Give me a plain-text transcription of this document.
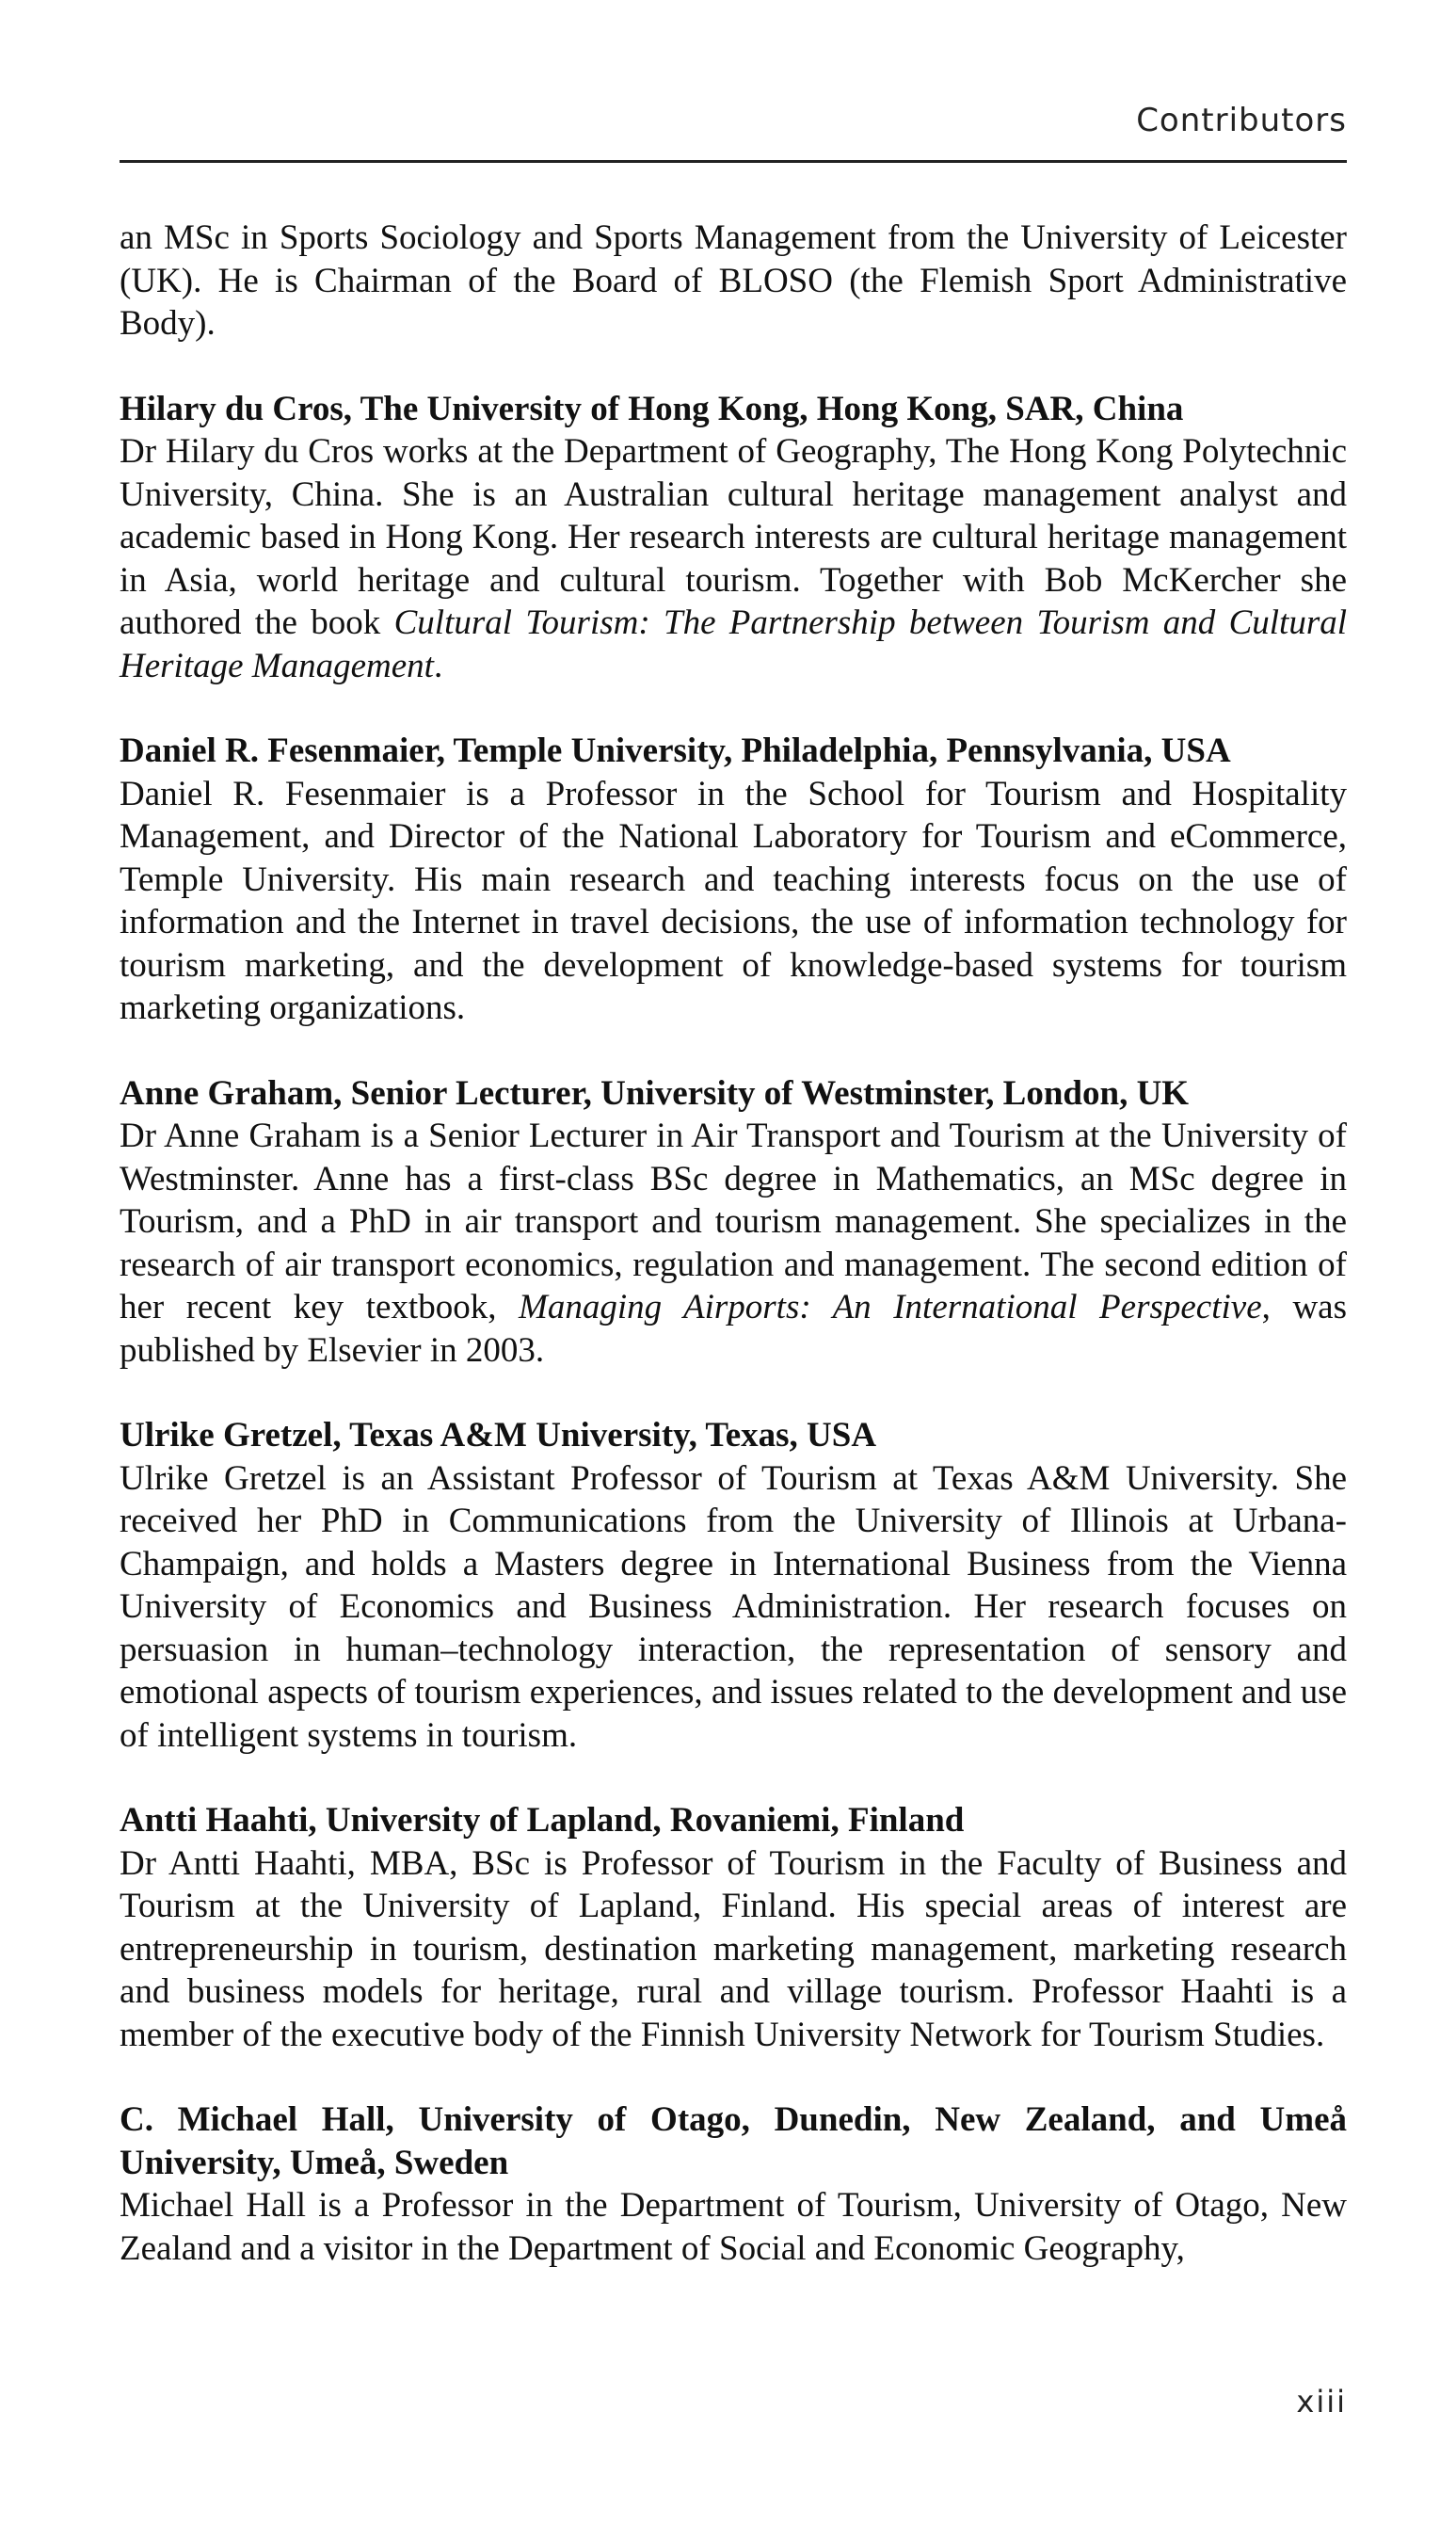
Contributors

an MSc in Sports Sociology and Sports Management from the University of Leicester (UK). He is Chairman of the Board of BLOSO (the Flemish Sport Administrative Body).

Hilary du Cros, The University of Hong Kong, Hong Kong, SAR, China

Dr Hilary du Cros works at the Department of Geography, The Hong Kong Polytechnic University, China. She is an Australian cultural heritage management analyst and academic based in Hong Kong. Her research interests are cultural heritage management in Asia, world heritage and cultural tourism. Together with Bob McKercher she authored the book Cultural Tourism: The Partnership between Tourism and Cultural Heritage Management.

Daniel R. Fesenmaier, Temple University, Philadelphia, Pennsylvania, USA

Daniel R. Fesenmaier is a Professor in the School for Tourism and Hospitality Management, and Director of the National Laboratory for Tourism and eCommerce, Temple University. His main research and teaching interests focus on the use of information and the Internet in travel decisions, the use of information technology for tourism marketing, and the development of knowledge-based systems for tourism marketing organizations.

Anne Graham, Senior Lecturer, University of Westminster, London, UK

Dr Anne Graham is a Senior Lecturer in Air Transport and Tourism at the University of Westminster. Anne has a first-class BSc degree in Mathematics, an MSc degree in Tourism, and a PhD in air transport and tourism management. She specializes in the research of air transport economics, regulation and management. The second edition of her recent key textbook, Managing Airports: An International Perspective, was published by Elsevier in 2003.

Ulrike Gretzel, Texas A&M University, Texas, USA

Ulrike Gretzel is an Assistant Professor of Tourism at Texas A&M University. She received her PhD in Communications from the University of Illinois at Urbana-Champaign, and holds a Masters degree in International Business from the Vienna University of Economics and Business Administration. Her research focuses on persuasion in human–technology interaction, the representation of sensory and emotional aspects of tourism experiences, and issues related to the development and use of intelligent systems in tourism.

Antti Haahti, University of Lapland, Rovaniemi, Finland

Dr Antti Haahti, MBA, BSc is Professor of Tourism in the Faculty of Business and Tourism at the University of Lapland, Finland. His special areas of interest are entrepreneurship in tourism, destination marketing management, marketing research and business models for heritage, rural and village tourism. Professor Haahti is a member of the executive body of the Finnish University Network for Tourism Studies.

C. Michael Hall, University of Otago, Dunedin, New Zealand, and Umeå University, Umeå, Sweden

Michael Hall is a Professor in the Department of Tourism, University of Otago, New Zealand and a visitor in the Department of Social and Economic Geography,

xiii
